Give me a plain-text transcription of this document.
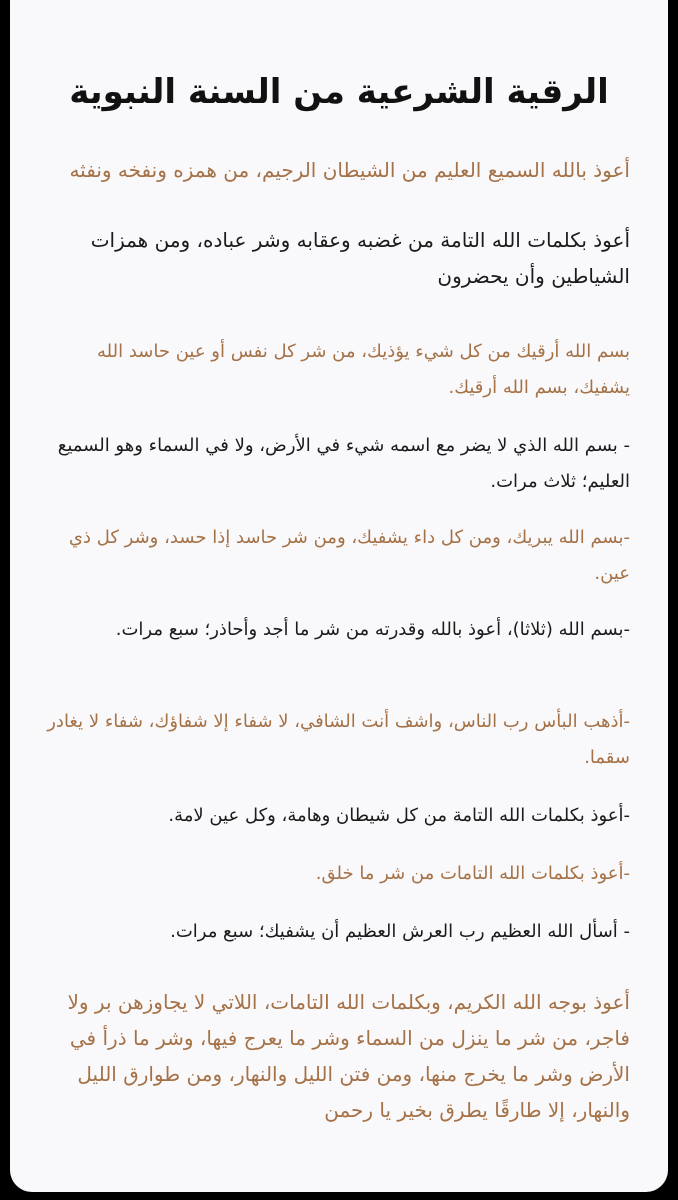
الرقية الشرعية من السنة النبوية
أعوذ بالله السميع العليم من الشيطان الرجيم، من همزه ونفخه ونفثه
أعوذ بكلمات الله التامة من غضبه وعقابه وشر عباده، ومن همزات الشياطين وأن يحضرون
بسم الله أرقيك من كل شيء يؤذيك، من شر كل نفس أو عين حاسد الله يشفيك، بسم الله أرقيك.
- بسم الله الذي لا يضر مع اسمه شيء في الأرض، ولا في السماء وهو السميع العليم؛ ثلاث مرات.
-بسم الله يبريك، ومن كل داء يشفيك، ومن شر حاسد إذا حسد، وشر كل ذي عين.
-بسم الله (ثلاثا)، أعوذ بالله وقدرته من شر ما أجد وأحاذر؛ سبع مرات.
-أذهب البأس رب الناس، واشف أنت الشافي، لا شفاء إلا شفاؤك، شفاء لا يغادر سقما.
-أعوذ بكلمات الله التامة من كل شيطان وهامة، وكل عين لامة.
-أعوذ بكلمات الله التامات من شر ما خلق.
- أسأل الله العظيم رب العرش العظيم أن يشفيك؛ سبع مرات.
أعوذ بوجه الله الكريم، وبكلمات الله التامات، اللاتي لا يجاوزهن بر ولا فاجر، من شر ما ينزل من السماء وشر ما يعرج فيها، وشر ما ذرأ في الأرض وشر ما يخرج منها، ومن فتن الليل والنهار، ومن طوارق الليل والنهار، إلا طارقًا يطرق بخير يا رحمن
